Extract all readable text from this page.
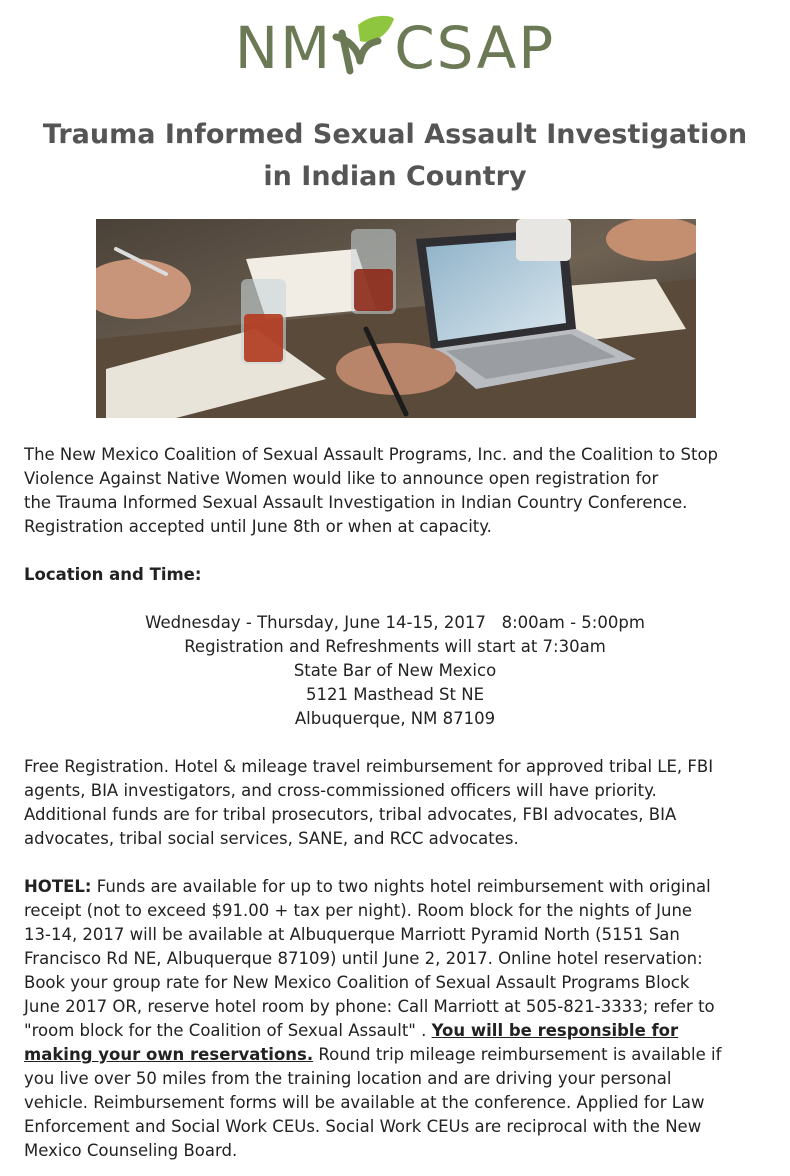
NM CSAP
Trauma Informed Sexual Assault Investigation
in Indian Country
The New Mexico Coalition of Sexual Assault Programs, Inc. and the Coalition to Stop
Violence Against Native Women would like to announce open registration for
the Trauma Informed Sexual Assault Investigation in Indian Country Conference.
Registration accepted until June 8th or when at capacity.
Location and Time:
Wednesday - Thursday, June 14-15, 2017   8:00am - 5:00pm
Registration and Refreshments will start at 7:30am
State Bar of New Mexico
5121 Masthead St NE
Albuquerque, NM 87109
Free Registration. Hotel & mileage travel reimbursement for approved tribal LE, FBI
agents, BIA investigators, and cross-commissioned officers will have priority.
Additional funds are for tribal prosecutors, tribal advocates, FBI advocates, BIA
advocates, tribal social services, SANE, and RCC advocates.
HOTEL: Funds are available for up to two nights hotel reimbursement with original
receipt (not to exceed $91.00 + tax per night). Room block for the nights of June
13-14, 2017 will be available at Albuquerque Marriott Pyramid North (5151 San
Francisco Rd NE, Albuquerque 87109) until June 2, 2017. Online hotel reservation:
Book your group rate for New Mexico Coalition of Sexual Assault Programs Block
June 2017 OR, reserve hotel room by phone: Call Marriott at 505-821-3333; refer to
"room block for the Coalition of Sexual Assault" . You will be responsible for
making your own reservations. Round trip mileage reimbursement is available if
you live over 50 miles from the training location and are driving your personal
vehicle. Reimbursement forms will be available at the conference. Applied for Law
Enforcement and Social Work CEUs. Social Work CEUs are reciprocal with the New
Mexico Counseling Board.
